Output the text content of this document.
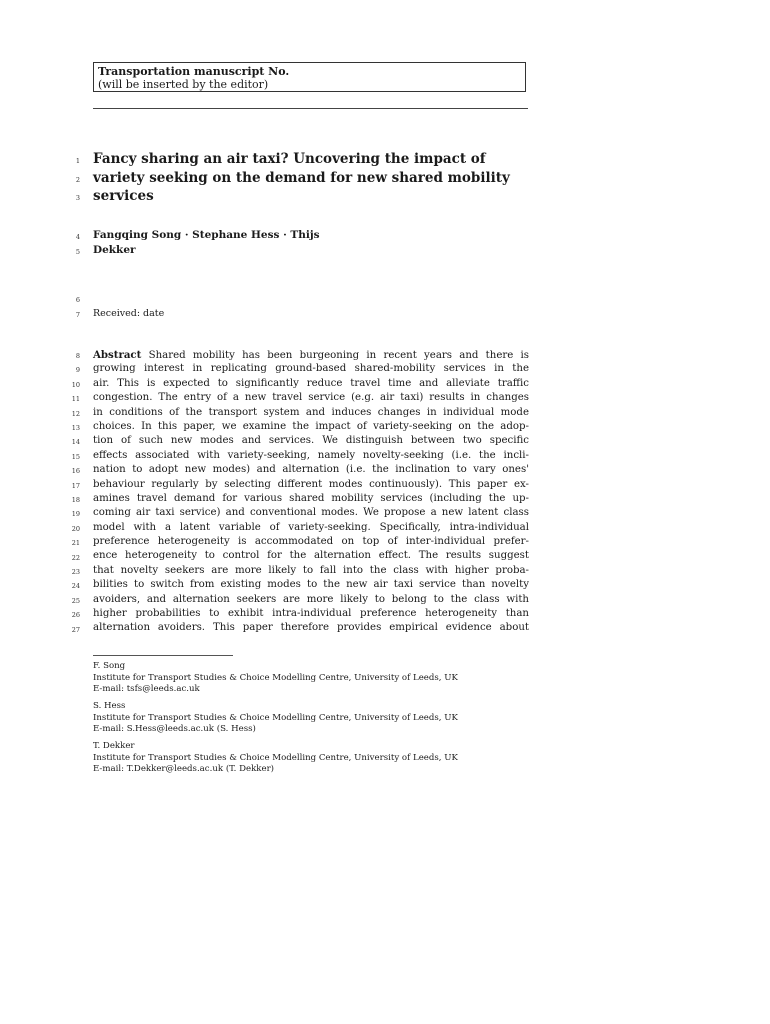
Transportation manuscript No.
(will be inserted by the editor)
1
2
3
4
5
6
7
8
9
10
11
12
13
14
15
16
17
18
19
20
21
22
23
24
25
26
27
Fancy sharing an air taxi? Uncovering the impact of
variety seeking on the demand for new shared mobility
services
Fangqing Song · Stephane Hess · Thijs
Dekker
Received: date
Abstract Shared mobility has been burgeoning in recent years and there is
growing interest in replicating ground-based shared-mobility services in the
air. This is expected to significantly reduce travel time and alleviate traffic
congestion. The entry of a new travel service (e.g. air taxi) results in changes
in conditions of the transport system and induces changes in individual mode
choices. In this paper, we examine the impact of variety-seeking on the adop-
tion of such new modes and services. We distinguish between two specific
effects associated with variety-seeking, namely novelty-seeking (i.e. the incli-
nation to adopt new modes) and alternation (i.e. the inclination to vary ones'
behaviour regularly by selecting different modes continuously). This paper ex-
amines travel demand for various shared mobility services (including the up-
coming air taxi service) and conventional modes. We propose a new latent class
model with a latent variable of variety-seeking. Specifically, intra-individual
preference heterogeneity is accommodated on top of inter-individual prefer-
ence heterogeneity to control for the alternation effect. The results suggest
that novelty seekers are more likely to fall into the class with higher proba-
bilities to switch from existing modes to the new air taxi service than novelty
avoiders, and alternation seekers are more likely to belong to the class with
higher probabilities to exhibit intra-individual preference heterogeneity than
alternation avoiders. This paper therefore provides empirical evidence about
F. Song
Institute for Transport Studies & Choice Modelling Centre, University of Leeds, UK
E-mail: tsfs@leeds.ac.uk
S. Hess
Institute for Transport Studies & Choice Modelling Centre, University of Leeds, UK
E-mail: S.Hess@leeds.ac.uk (S. Hess)
T. Dekker
Institute for Transport Studies & Choice Modelling Centre, University of Leeds, UK
E-mail: T.Dekker@leeds.ac.uk (T. Dekker)
